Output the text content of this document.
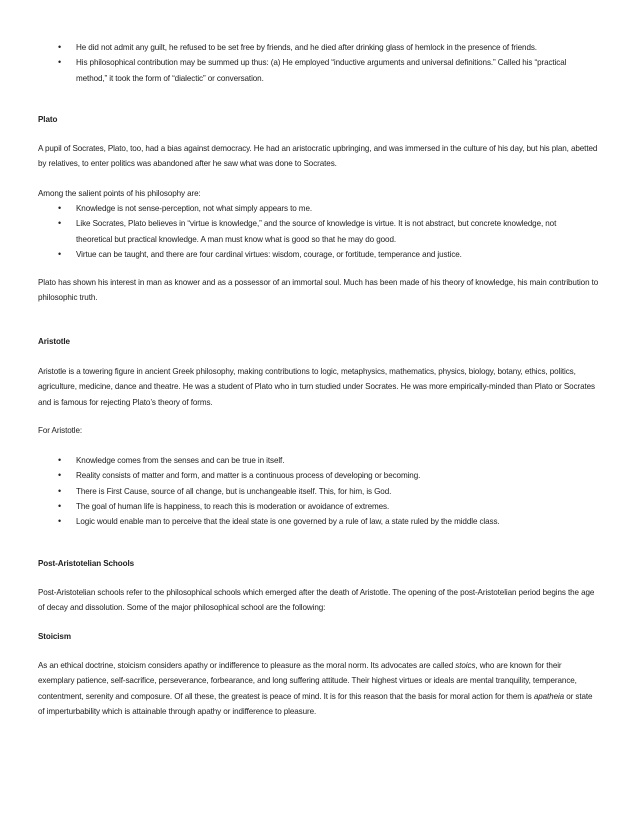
• He did not admit any guilt, he refused to be set free by friends, and he died after drinking glass of hemlock in the presence of friends.
• His philosophical contribution may be summed up thus: (a) He employed “inductive arguments and universal definitions.” Called his “practical method,” it took the form of “dialectic” or conversation.

Plato

A pupil of Socrates, Plato, too, had a bias against democracy. He had an aristocratic upbringing, and was immersed in the culture of his day, but his plan, abetted by relatives, to enter politics was abandoned after he saw what was done to Socrates.

Among the salient points of his philosophy are:

• Knowledge is not sense-perception, not what simply appears to me.
• Like Socrates, Plato believes in “virtue is knowledge,” and the source of knowledge is virtue. It is not abstract, but concrete knowledge, not theoretical but practical knowledge. A man must know what is good so that he may do good.
• Virtue can be taught, and there are four cardinal virtues: wisdom, courage, or fortitude, temperance and justice.

Plato has shown his interest in man as knower and as a possessor of an immortal soul. Much has been made of his theory of knowledge, his main contribution to philosophic truth.

Aristotle

Aristotle is a towering figure in ancient Greek philosophy, making contributions to logic, metaphysics, mathematics, physics, biology, botany, ethics, politics, agriculture, medicine, dance and theatre. He was a student of Plato who in turn studied under Socrates. He was more empirically-minded than Plato or Socrates and is famous for rejecting Plato’s theory of forms.

For Aristotle:

• Knowledge comes from the senses and can be true in itself.
• Reality consists of matter and form, and matter is a continuous process of developing or becoming.
• There is First Cause, source of all change, but is unchangeable itself. This, for him, is God.
• The goal of human life is happiness, to reach this is moderation or avoidance of extremes.
• Logic would enable man to perceive that the ideal state is one governed by a rule of law, a state ruled by the middle class.

Post-Aristotelian Schools

Post-Aristotelian schools refer to the philosophical schools which emerged after the death of Aristotle. The opening of the post-Aristotelian period begins the age of decay and dissolution. Some of the major philosophical school are the following:

Stoicism

As an ethical doctrine, stoicism considers apathy or indifference to pleasure as the moral norm. Its advocates are called stoics, who are known for their exemplary patience, self-sacrifice, perseverance, forbearance, and long suffering attitude. Their highest virtues or ideals are mental tranquility, temperance, contentment, serenity and composure. Of all these, the greatest is peace of mind. It is for this reason that the basis for moral action for them is apatheia or state of imperturbability which is attainable through apathy or indifference to pleasure.
